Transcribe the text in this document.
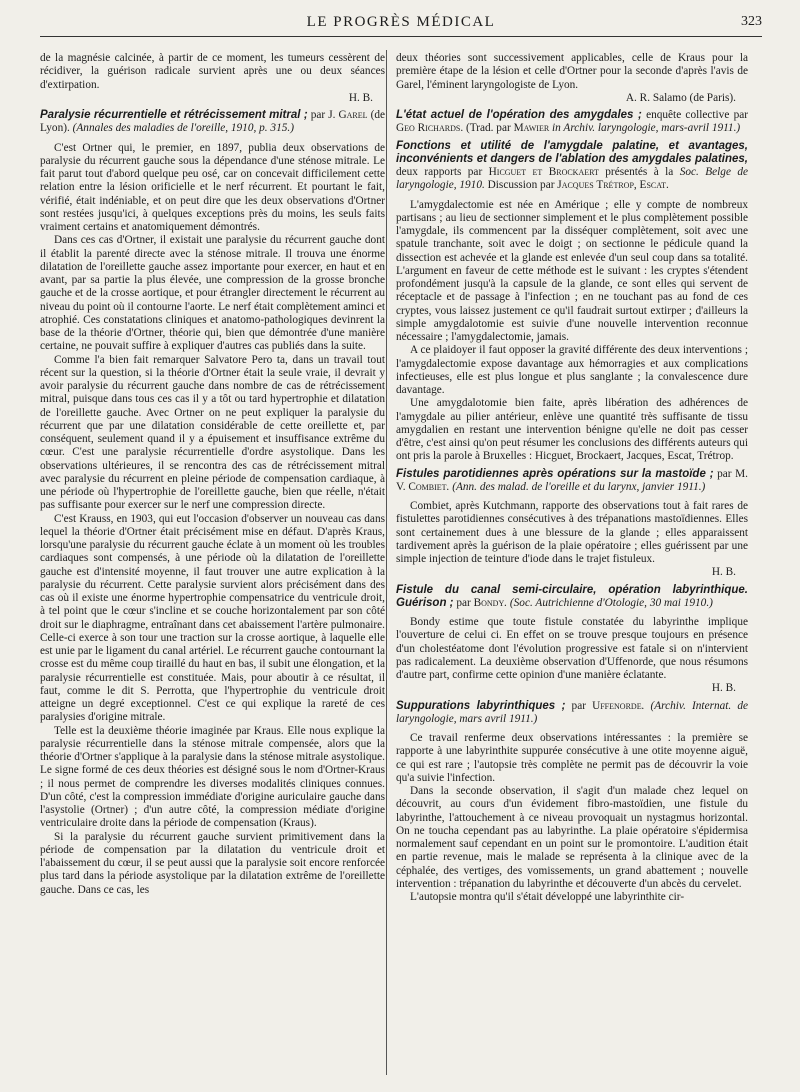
LE PROGRÈS MÉDICAL	323

de la magnésie calcinée, à partir de ce moment, les tumeurs cessèrent de récidiver, la guérison radicale survient après une ou deux séances d'extirpation.

H. B.

Paralysie récurrentielle et rétrécissement mitral ; par J. Garel (de Lyon). (Annales des maladies de l'oreille, 1910, p. 315.)

C'est Ortner qui, le premier, en 1897, publia deux observations de paralysie du récurrent gauche sous la dépendance d'une sténose mitrale. Le fait parut tout d'abord quelque peu osé, car on concevait difficilement cette relation entre la lésion orificielle et le nerf récurrent. Et pourtant le fait, vérifié, était indéniable, et on peut dire que les deux observations d'Ortner sont restées jusqu'ici, à quelques exceptions près du moins, les seuls faits vraiment certains et anatomiquement démontrés.

Dans ces cas d'Ortner, il existait une paralysie du récurrent gauche dont il établit la parenté directe avec la sténose mitrale. Il trouva une énorme dilatation de l'oreillette gauche assez importante pour exercer, en haut et en avant, par sa partie la plus élevée, une compression de la grosse bronche gauche et de la crosse aortique, et pour étrangler directement le récurrent au niveau du point où il contourne l'aorte. Le nerf était complètement aminci et atrophié. Ces constatations cliniques et anatomo-pathologiques devinrent la base de la théorie d'Ortner, théorie qui, bien que démontrée d'une manière certaine, ne pouvait suffire à expliquer d'autres cas publiés dans la suite.

Comme l'a bien fait remarquer Salvatore Pero ta, dans un travail tout récent sur la question, si la théorie d'Ortner était la seule vraie, il devrait y avoir paralysie du récurrent gauche dans nombre de cas de rétrécissement mitral, puisque dans tous ces cas il y a tôt ou tard hypertrophie et dilatation de l'oreillette gauche. Avec Ortner on ne peut expliquer la paralysie du récurrent que par une dilatation considérable de cette oreillette et, par conséquent, seulement quand il y a épuisement et insuffisance extrême du cœur. C'est une paralysie récurrentielle d'ordre asystolique. Dans les observations ultérieures, il se rencontra des cas de rétrécissement mitral avec paralysie du récurrent en pleine période de compensation cardiaque, à une période où l'hypertrophie de l'oreillette gauche, bien que réelle, n'était pas suffisante pour exercer sur le nerf une compression directe.

C'est Krauss, en 1903, qui eut l'occasion d'observer un nouveau cas dans lequel la théorie d'Ortner était précisément mise en défaut. D'après Kraus, lorsqu'une paralysie du récurrent gauche éclate à un moment où les troubles cardiaques sont compensés, à une période où la dilatation de l'oreillette gauche est d'intensité moyenne, il faut trouver une autre explication à la paralysie du récurrent. Cette paralysie survient alors précisément dans des cas où il existe une énorme hypertrophie compensatrice du ventricule droit, à tel point que le cœur s'incline et se couche horizontalement par son côté droit sur le diaphragme, entraînant dans cet abaissement l'artère pulmonaire. Celle-ci exerce à son tour une traction sur la crosse aortique, à laquelle elle est unie par le ligament du canal artériel. Le récurrent gauche contournant la crosse est du même coup tiraillé du haut en bas, il subit une élongation, et la paralysie récurrentielle est constituée. Mais, pour aboutir à ce résultat, il faut, comme le dit S. Perrotta, que l'hypertrophie du ventricule droit atteigne un degré exceptionnel. C'est ce qui explique la rareté de ces paralysies d'origine mitrale.

Telle est la deuxième théorie imaginée par Kraus. Elle nous explique la paralysie récurrentielle dans la sténose mitrale compensée, alors que la théorie d'Ortner s'applique à la paralysie dans la sténose mitrale asystolique. Le signe formé de ces deux théories est désigné sous le nom d'Ortner-Kraus ; il nous permet de comprendre les diverses modalités cliniques connues. D'un côté, c'est la compression immédiate d'origine auriculaire gauche dans l'asystolie (Ortner) ; d'un autre côté, la compression médiate d'origine ventriculaire droite dans la période de compensation (Kraus).

Si la paralysie du récurrent gauche survient primitivement dans la période de compensation par la dilatation du ventricule droit et l'abaissement du cœur, il se peut aussi que la paralysie soit encore renforcée plus tard dans la période asystolique par la dilatation extrême de l'oreillette gauche. Dans ce cas, les

deux théories sont successivement applicables, celle de Kraus pour la première étape de la lésion et celle d'Ortner pour la seconde d'après l'avis de Garel, l'éminent laryngologiste de Lyon.

A. R. Salamo (de Paris).

L'état actuel de l'opération des amygdales ; enquête collective par Geo Richards. (Trad. par Mawier in Archiv. laryngologie, mars-avril 1911.)

Fonctions et utilité de l'amygdale palatine, et avantages, inconvénients et dangers de l'ablation des amygdales palatines, deux rapports par Hicguet et Brockaert présentés à la Soc. Belge de laryngologie, 1910. Discussion par Jacques Trétrop, Escat.

L'amygdalectomie est née en Amérique ; elle y compte de nombreux partisans ; au lieu de sectionner simplement et le plus complètement possible l'amygdale, ils commencent par la disséquer complètement, soit avec une spatule tranchante, soit avec le doigt ; on sectionne le pédicule quand la dissection est achevée et la glande est enlevée d'un seul coup dans sa totalité. L'argument en faveur de cette méthode est le suivant : les cryptes s'étendent profondément jusqu'à la capsule de la glande, ce sont elles qui servent de réceptacle et de passage à l'infection ; en ne touchant pas au fond de ces cryptes, vous laissez justement ce qu'il faudrait surtout extirper ; d'ailleurs la simple amygdalotomie est suivie d'une nouvelle intervention reconnue nécessaire ; l'amygdalectomie, jamais.

A ce plaidoyer il faut opposer la gravité différente des deux interventions ; l'amygdalectomie expose davantage aux hémorragies et aux complications infectieuses, elle est plus longue et plus sanglante ; la convalescence dure davantage.

Une amygdalotomie bien faite, après libération des adhérences de l'amygdale au pilier antérieur, enlève une quantité très suffisante de tissu amygdalien en restant une intervention bénigne qu'elle ne doit pas cesser d'être, c'est ainsi qu'on peut résumer les conclusions des différents auteurs qui ont pris la parole à Bruxelles : Hicguet, Brockaert, Jacques, Escat, Trétrop.

Fistules parotidiennes après opérations sur la mastoïde ; par M. V. Combiet. (Ann. des malad. de l'oreille et du larynx, janvier 1911.)

Combiet, après Kutchmann, rapporte des observations tout à fait rares de fistulettes parotidiennes consécutives à des trépanations mastoïdiennes. Elles sont certainement dues à une blessure de la glande ; elles apparaissent tardivement après la guérison de la plaie opératoire ; elles guérissent par une simple injection de teinture d'iode dans le trajet fistuleux.

H. B.

Fistule du canal semi-circulaire, opération labyrinthique. Guérison ; par Bondy. (Soc. Autrichienne d'Otologie, 30 mai 1910.)

Bondy estime que toute fistule constatée du labyrinthe implique l'ouverture de celui ci. En effet on se trouve presque toujours en présence d'un cholestéatome dont l'évolution progressive est fatale si on n'intervient pas radicalement. La deuxième observation d'Uffenorde, que nous résumons d'autre part, confirme cette opinion d'une manière éclatante.

H. B.

Suppurations labyrinthiques ; par Uffenorde. (Archiv. Internat. de laryngologie, mars avril 1911.)

Ce travail renferme deux observations intéressantes : la première se rapporte à une labyrinthite suppurée consécutive à une otite moyenne aiguë, ce qui est rare ; l'autopsie très complète ne permit pas de découvrir la voie qu'a suivie l'infection.

Dans la seconde observation, il s'agit d'un malade chez lequel on découvrit, au cours d'un évidement fibro-mastoïdien, une fistule du labyrinthe, l'attouchement à ce niveau provoquait un nystagmus horizontal. On ne toucha cependant pas au labyrinthe. La plaie opératoire s'épidermisa normalement sauf cependant en un point sur le promontoire. L'audition était en partie revenue, mais le malade se représenta à la clinique avec de la céphalée, des vertiges, des vomissements, un grand abattement ; nouvelle intervention : trépanation du labyrinthe et découverte d'un abcès du cervelet.

L'autopsie montra qu'il s'était développé une labyrinthite cir-
